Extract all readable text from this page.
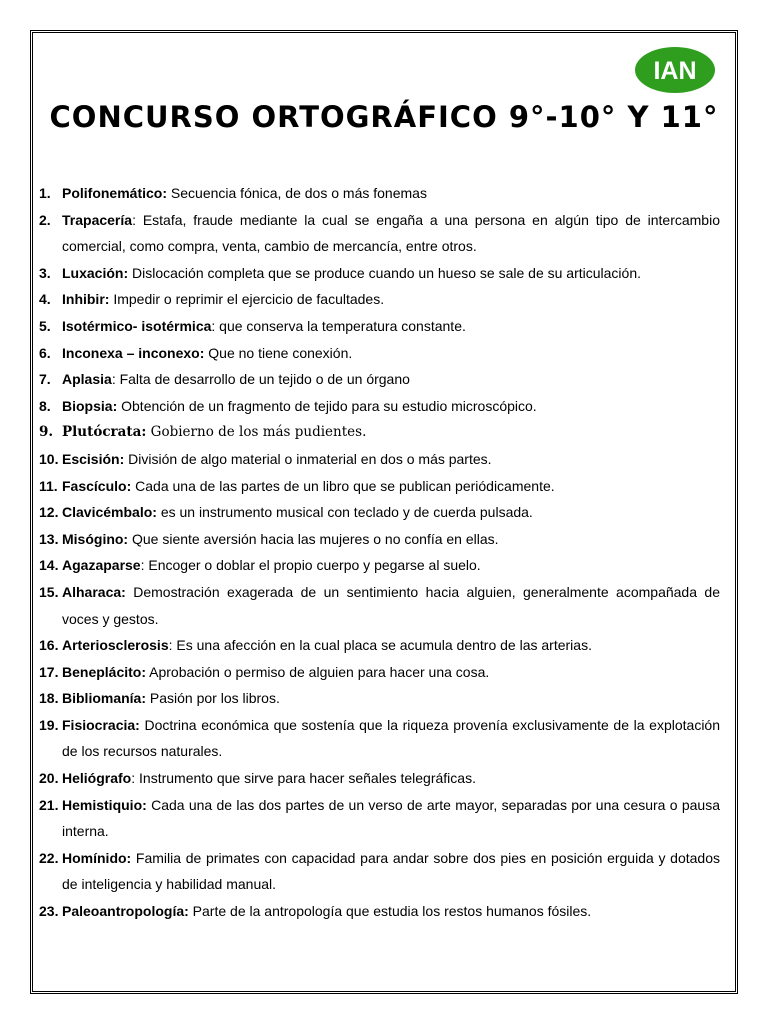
IAN
CONCURSO ORTOGRÁFICO 9°-10° Y 11°
1. Polifonemático: Secuencia fónica, de dos o más fonemas
2. Trapacería: Estafa, fraude mediante la cual se engaña a una persona en algún tipo de intercambio comercial, como compra, venta, cambio de mercancía, entre otros.
3. Luxación: Dislocación completa que se produce cuando un hueso se sale de su articulación.
4. Inhibir: Impedir o reprimir el ejercicio de facultades.
5. Isotérmico- isotérmica: que conserva la temperatura constante.
6. Inconexa – inconexo: Que no tiene conexión.
7. Aplasia: Falta de desarrollo de un tejido o de un órgano
8. Biopsia: Obtención de un fragmento de tejido para su estudio microscópico.
9. Plutócrata: Gobierno de los más pudientes.
10. Escisión: División de algo material o inmaterial en dos o más partes.
11. Fascículo: Cada una de las partes de un libro que se publican periódicamente.
12. Clavicémbalo: es un instrumento musical con teclado y de cuerda pulsada.
13. Misógino: Que siente aversión hacia las mujeres o no confía en ellas.
14. Agazaparse: Encoger o doblar el propio cuerpo y pegarse al suelo.
15. Alharaca: Demostración exagerada de un sentimiento hacia alguien, generalmente acompañada de voces y gestos.
16. Arteriosclerosis: Es una afección en la cual placa se acumula dentro de las arterias.
17. Beneplácito: Aprobación o permiso de alguien para hacer una cosa.
18. Bibliomanía: Pasión por los libros.
19. Fisiocracia: Doctrina económica que sostenía que la riqueza provenía exclusivamente de la explotación de los recursos naturales.
20. Heliógrafo: Instrumento que sirve para hacer señales telegráficas.
21. Hemistiquio: Cada una de las dos partes de un verso de arte mayor, separadas por una cesura o pausa interna.
22. Homínido: Familia de primates con capacidad para andar sobre dos pies en posición erguida y dotados de inteligencia y habilidad manual.
23. Paleoantropología: Parte de la antropología que estudia los restos humanos fósiles.
